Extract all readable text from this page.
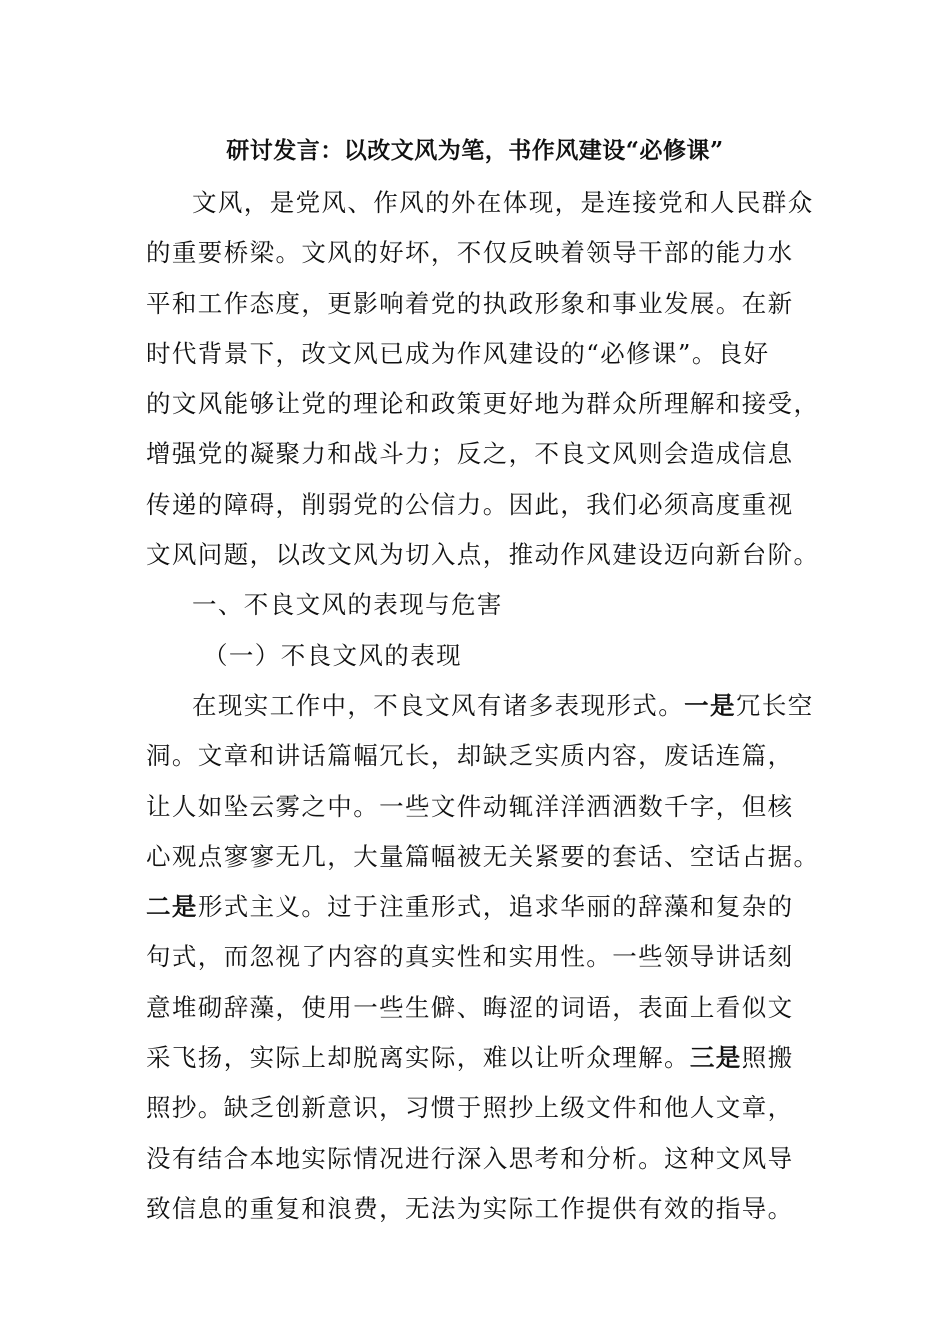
研讨发言：以改文风为笔，书作风建设“必修课”
文风，是党风、作风的外在体现，是连接党和人民群众
的重要桥梁。文风的好坏，不仅反映着领导干部的能力水
平和工作态度，更影响着党的执政形象和事业发展。在新
时代背景下，改文风已成为作风建设的“必修课”。良好
的文风能够让党的理论和政策更好地为群众所理解和接受，
增强党的凝聚力和战斗力；反之，不良文风则会造成信息
传递的障碍，削弱党的公信力。因此，我们必须高度重视
文风问题，以改文风为切入点，推动作风建设迈向新台阶。
一、不良文风的表现与危害
（一）不良文风的表现
在现实工作中，不良文风有诸多表现形式。一是冗长空
洞。文章和讲话篇幅冗长，却缺乏实质内容，废话连篇，
让人如坠云雾之中。一些文件动辄洋洋洒洒数千字，但核
心观点寥寥无几，大量篇幅被无关紧要的套话、空话占据。
二是形式主义。过于注重形式，追求华丽的辞藻和复杂的
句式，而忽视了内容的真实性和实用性。一些领导讲话刻
意堆砌辞藻，使用一些生僻、晦涩的词语，表面上看似文
采飞扬，实际上却脱离实际，难以让听众理解。三是照搬
照抄。缺乏创新意识，习惯于照抄上级文件和他人文章，
没有结合本地实际情况进行深入思考和分析。这种文风导
致信息的重复和浪费，无法为实际工作提供有效的指导。
